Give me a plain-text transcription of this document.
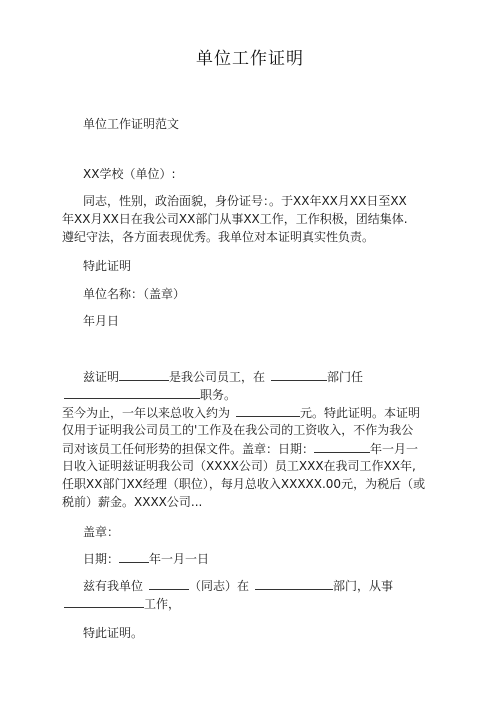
单位工作证明
单位工作证明范文
XX学校（单位）:
同志，性别，政治面貌，身份证号：。于XX年XX月XX日至XX
年XX月XX日在我公司XX部门从事XX工作，工作积极，团结集体.
遵纪守法，各方面表现优秀。我单位对本证明真实性负责。
特此证明
单位名称：（盖章）
年月日
兹证明	是我公司员工，在	部门任
职务。
至今为止，一年以来总收入约为	元。特此证明。本证明
仅用于证明我公司员工的'工作及在我公司的工资收入，不作为我公
司对该员工任何形势的担保文件。盖章：日期：	年一月一
日收入证明兹证明我公司（XXXX公司）员工XXX在我司工作XX年,
任职XX部门XX经理（职位），每月总收入XXXXX.00元，为税后（或
税前）薪金。XXXX公司...
盖章：
日期：	年一月一日
兹有我单位	（同志）在	部门，从事
工作，
特此证明。
